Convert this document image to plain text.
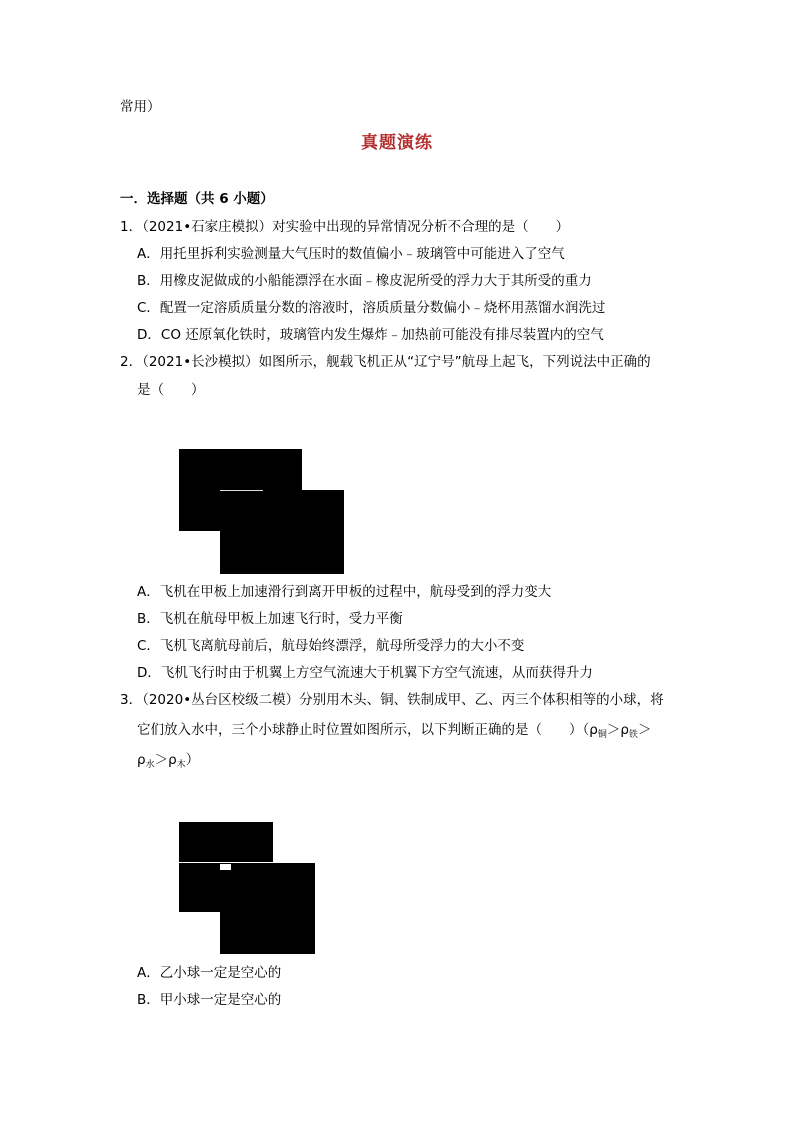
常用）
真题演练
一．选择题（共 6 小题）
1．（2021•石家庄模拟）对实验中出现的异常情况分析不合理的是（　　）
A．用托里拆利实验测量大气压时的数值偏小﹣玻璃管中可能进入了空气
B．用橡皮泥做成的小船能漂浮在水面﹣橡皮泥所受的浮力大于其所受的重力
C．配置一定溶质质量分数的溶液时，溶质质量分数偏小﹣烧杯用蒸馏水润洗过
D．CO 还原氧化铁时，玻璃管内发生爆炸﹣加热前可能没有排尽装置内的空气
2．（2021•长沙模拟）如图所示，舰载飞机正从“辽宁号”航母上起飞，下列说法中正确的
是（　　）
A．飞机在甲板上加速滑行到离开甲板的过程中，航母受到的浮力变大
B．飞机在航母甲板上加速飞行时，受力平衡
C．飞机飞离航母前后，航母始终漂浮，航母所受浮力的大小不变
D．飞机飞行时由于机翼上方空气流速大于机翼下方空气流速，从而获得升力
3．（2020•丛台区校级二模）分别用木头、铜、铁制成甲、乙、丙三个体积相等的小球，将
它们放入水中，三个小球静止时位置如图所示，以下判断正确的是（　　）（$\rho_铜>\rho_铁>$
$\rho_水>\rho_木$）
A．乙小球一定是空心的
B．甲小球一定是空心的
